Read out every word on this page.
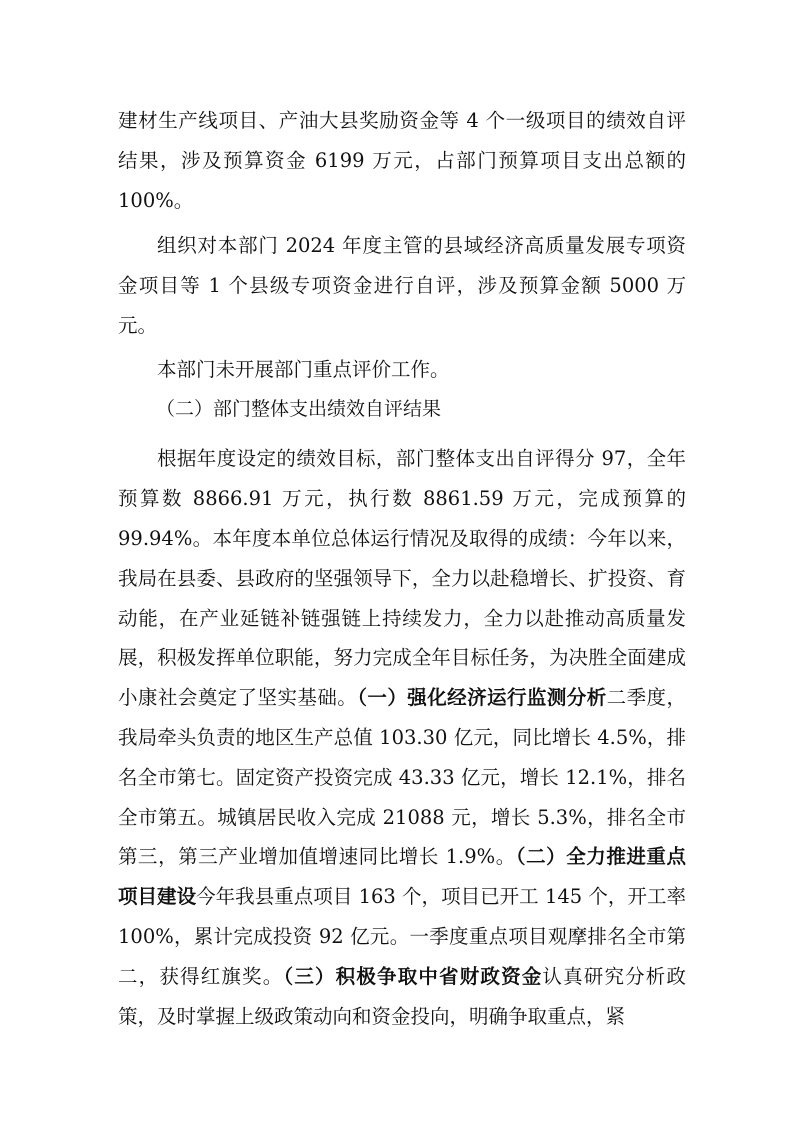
建材生产线项目、产油大县奖励资金等 4 个一级项目的绩效自评结果，涉及预算资金 6199 万元，占部门预算项目支出总额的 100%。

组织对本部门 2024 年度主管的县域经济高质量发展专项资金项目等 1 个县级专项资金进行自评，涉及预算金额 5000 万元。

本部门未开展部门重点评价工作。

（二）部门整体支出绩效自评结果

根据年度设定的绩效目标，部门整体支出自评得分 97，全年预算数 8866.91 万元，执行数 8861.59 万元，完成预算的 99.94%。本年度本单位总体运行情况及取得的成绩：今年以来，我局在县委、县政府的坚强领导下，全力以赴稳增长、扩投资、育动能，在产业延链补链强链上持续发力，全力以赴推动高质量发展，积极发挥单位职能，努力完成全年目标任务，为决胜全面建成小康社会奠定了坚实基础。（一）强化经济运行监测分析二季度，我局牵头负责的地区生产总值 103.30 亿元，同比增长 4.5%，排名全市第七。固定资产投资完成 43.33 亿元，增长 12.1%，排名全市第五。城镇居民收入完成 21088 元，增长 5.3%，排名全市第三，第三产业增加值增速同比增长 1.9%。（二）全力推进重点项目建设今年我县重点项目 163 个，项目已开工 145 个，开工率 100%，累计完成投资 92 亿元。一季度重点项目观摩排名全市第二，获得红旗奖。（三）积极争取中省财政资金认真研究分析政策，及时掌握上级政策动向和资金投向，明确争取重点，紧
